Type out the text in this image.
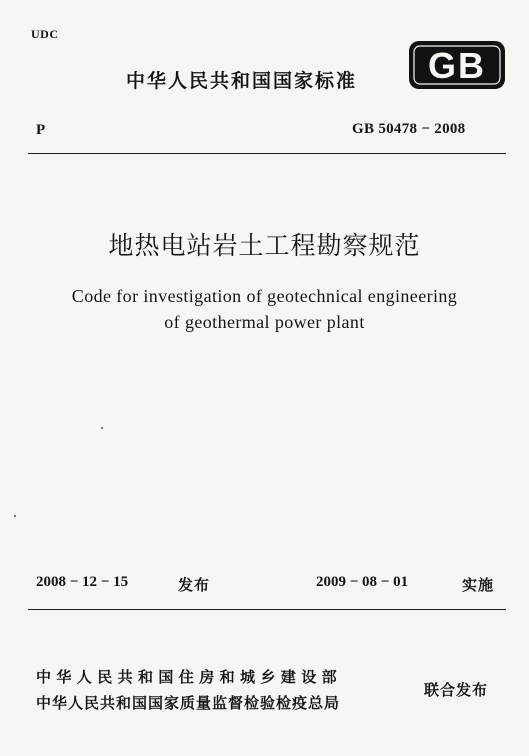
UDC
中华人民共和国国家标准 GB
P	GB 50478 − 2008
地热电站岩土工程勘察规范
Code for investigation of geotechnical engineering
of geothermal power plant
2008 − 12 − 15	发布	2009 − 08 − 01	实施
中华人民共和国住房和城乡建设部
中华人民共和国国家质量监督检验检疫总局
联合发布
